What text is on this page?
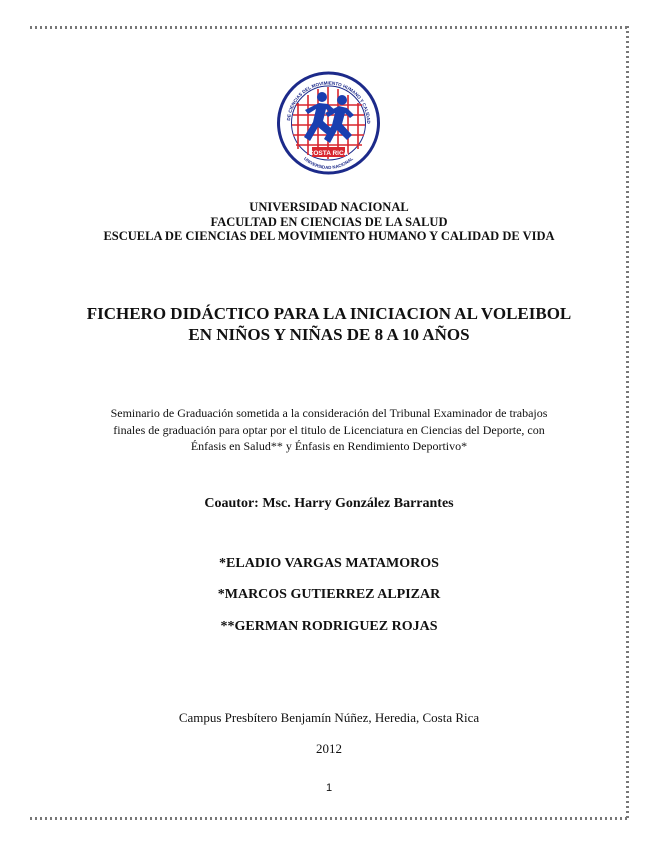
COSTA RICA
DE CIENCIAS DEL MOVIMIENTO HUMANO Y CALIDAD
UNIVERSIDAD NACIONAL
UNIVERSIDAD NACIONAL
FACULTAD EN CIENCIAS DE LA SALUD
ESCUELA DE CIENCIAS DEL MOVIMIENTO HUMANO Y CALIDAD DE VIDA
FICHERO DIDÁCTICO PARA LA INICIACION AL VOLEIBOL
EN NIÑOS Y NIÑAS DE 8 A 10 AÑOS
Seminario de Graduación sometida a la consideración del Tribunal Examinador de trabajos
finales de graduación para optar por el titulo de Licenciatura en Ciencias del Deporte, con
Énfasis en Salud** y Énfasis en Rendimiento Deportivo*
Coautor: Msc. Harry González Barrantes
*ELADIO VARGAS MATAMOROS
*MARCOS GUTIERREZ ALPIZAR
**GERMAN RODRIGUEZ ROJAS
Campus Presbítero Benjamín Núñez, Heredia, Costa Rica
2012
1
